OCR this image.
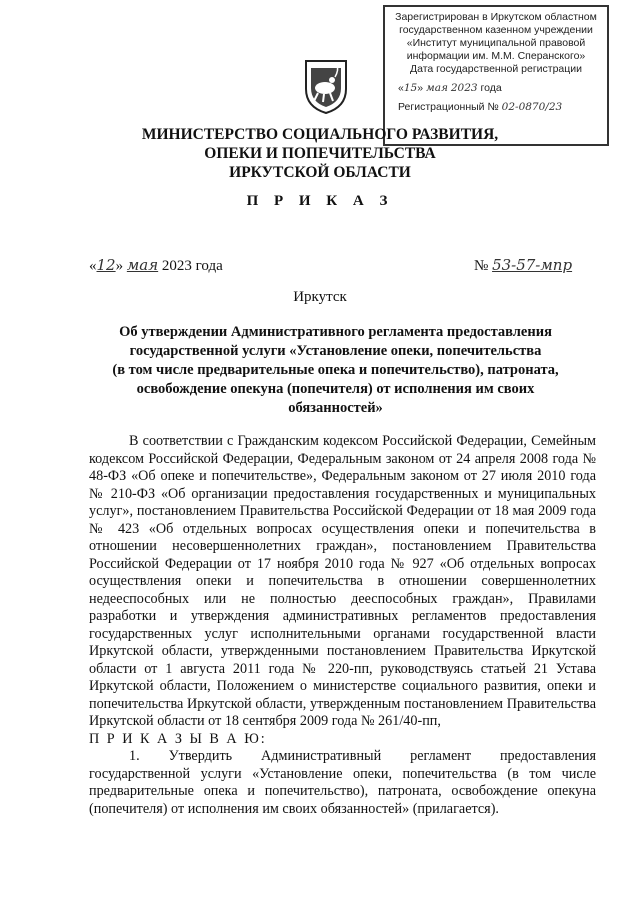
Зарегистрирован в Иркутском областном
государственном казенном учреждении
«Институт муниципальной правовой
информации им. М.М. Сперанского»
Дата государственной регистрации
«15» мая 2023 года
Регистрационный № 02-0870/23
МИНИСТЕРСТВО СОЦИАЛЬНОГО РАЗВИТИЯ,
ОПЕКИ И ПОПЕЧИТЕЛЬСТВА
ИРКУТСКОЙ ОБЛАСТИ
П Р И К А З
«12» мая 2023 года	№ 53-57-мпр
Иркутск
Об утверждении Административного регламента предоставления
государственной услуги «Установление опеки, попечительства
(в том числе предварительные опека и попечительство), патроната,
освобождение опекуна (попечителя) от исполнения им своих
обязанностей»

В соответствии с Гражданским кодексом Российской Федерации, Семейным кодексом Российской Федерации, Федеральным законом от 24 апреля 2008 года № 48-ФЗ «Об опеке и попечительстве», Федеральным законом от 27 июля 2010 года № 210-ФЗ «Об организации предоставления государственных и муниципальных услуг», постановлением Правительства Российской Федерации от 18 мая 2009 года № 423 «Об отдельных вопросах осуществления опеки и попечительства в отношении несовершеннолетних граждан», постановлением Правительства Российской Федерации от 17 ноября 2010 года № 927 «Об отдельных вопросах осуществления опеки и попечительства в отношении совершеннолетних недееспособных или не полностью дееспособных граждан», Правилами разработки и утверждения административных регламентов предоставления государственных услуг исполнительными органами государственной власти Иркутской области, утвержденными постановлением Правительства Иркутской области от 1 августа 2011 года № 220-пп, руководствуясь статьей 21 Устава Иркутской области, Положением о министерстве социального развития, опеки и попечительства Иркутской области, утвержденным постановлением Правительства Иркутской области от 18 сентября 2009 года № 261/40-пп,

П Р И К А З Ы В А Ю:

1. Утвердить Административный регламент предоставления государственной услуги «Установление опеки, попечительства (в том числе предварительные опека и попечительство), патроната, освобождение опекуна (попечителя) от исполнения им своих обязанностей» (прилагается).
